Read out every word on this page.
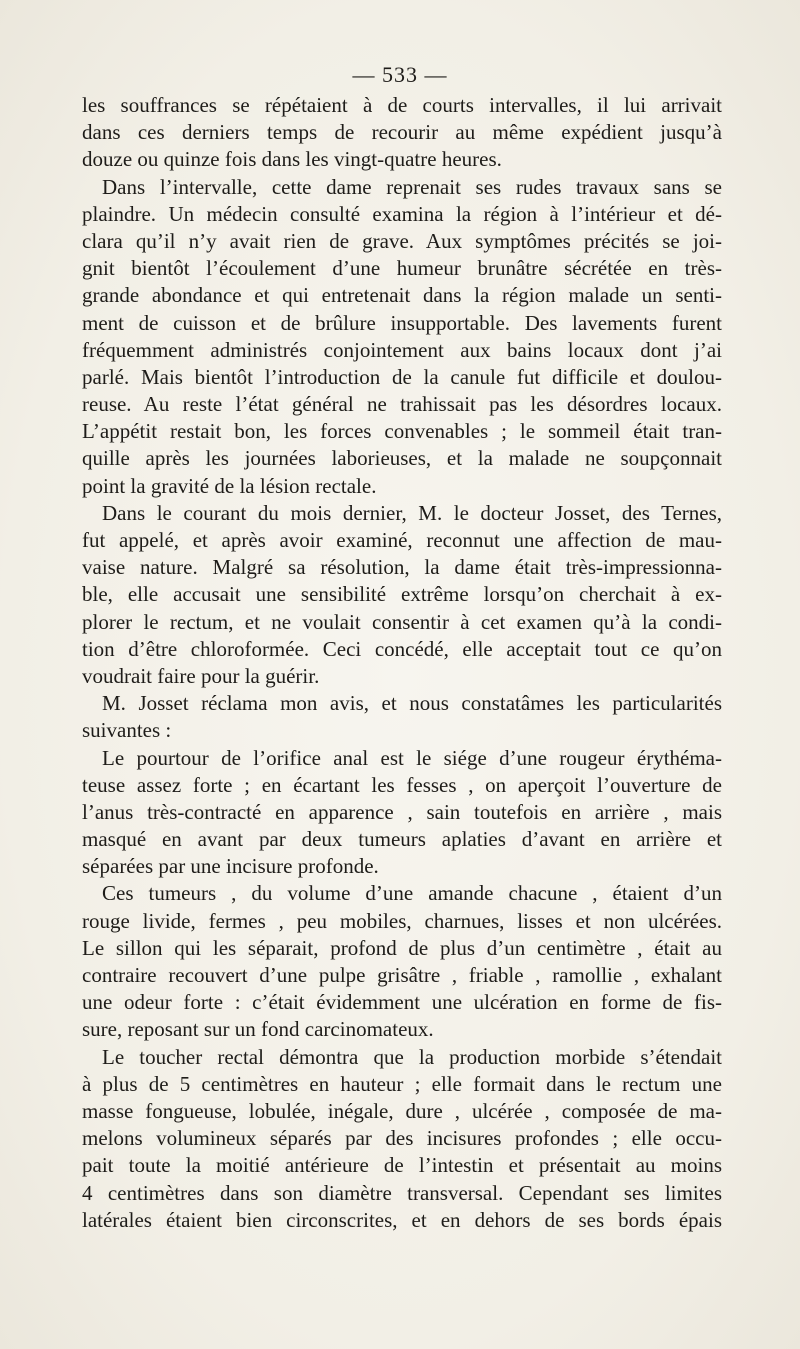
— 533 —
les souffrances se répétaient à de courts intervalles, il lui arrivait
dans ces derniers temps de recourir au même expédient jusqu’à
douze ou quinze fois dans les vingt-quatre heures.
Dans l’intervalle, cette dame reprenait ses rudes travaux sans se
plaindre. Un médecin consulté examina la région à l’intérieur et dé-
clara qu’il n’y avait rien de grave. Aux symptômes précités se joi-
gnit bientôt l’écoulement d’une humeur brunâtre sécrétée en très-
grande abondance et qui entretenait dans la région malade un senti-
ment de cuisson et de brûlure insupportable. Des lavements furent
fréquemment administrés conjointement aux bains locaux dont j’ai
parlé. Mais bientôt l’introduction de la canule fut difficile et doulou-
reuse. Au reste l’état général ne trahissait pas les désordres locaux.
L’appétit restait bon, les forces convenables ; le sommeil était tran-
quille après les journées laborieuses, et la malade ne soupçonnait
point la gravité de la lésion rectale.
Dans le courant du mois dernier, M. le docteur Josset, des Ternes,
fut appelé, et après avoir examiné, reconnut une affection de mau-
vaise nature. Malgré sa résolution, la dame était très-impressionna-
ble, elle accusait une sensibilité extrême lorsqu’on cherchait à ex-
plorer le rectum, et ne voulait consentir à cet examen qu’à la condi-
tion d’être chloroformée. Ceci concédé, elle acceptait tout ce qu’on
voudrait faire pour la guérir.
M. Josset réclama mon avis, et nous constatâmes les particularités
suivantes :
Le pourtour de l’orifice anal est le siége d’une rougeur érythéma-
teuse assez forte ; en écartant les fesses , on aperçoit l’ouverture de
l’anus très-contracté en apparence , sain toutefois en arrière , mais
masqué en avant par deux tumeurs aplaties d’avant en arrière et
séparées par une incisure profonde.
Ces tumeurs , du volume d’une amande chacune , étaient d’un
rouge livide, fermes , peu mobiles, charnues, lisses et non ulcérées.
Le sillon qui les séparait, profond de plus d’un centimètre , était au
contraire recouvert d’une pulpe grisâtre , friable , ramollie , exhalant
une odeur forte : c’était évidemment une ulcération en forme de fis-
sure, reposant sur un fond carcinomateux.
Le toucher rectal démontra que la production morbide s’étendait
à plus de 5 centimètres en hauteur ; elle formait dans le rectum une
masse fongueuse, lobulée, inégale, dure , ulcérée , composée de ma-
melons volumineux séparés par des incisures profondes ; elle occu-
pait toute la moitié antérieure de l’intestin et présentait au moins
4 centimètres dans son diamètre transversal. Cependant ses limites
latérales étaient bien circonscrites, et en dehors de ses bords épais
